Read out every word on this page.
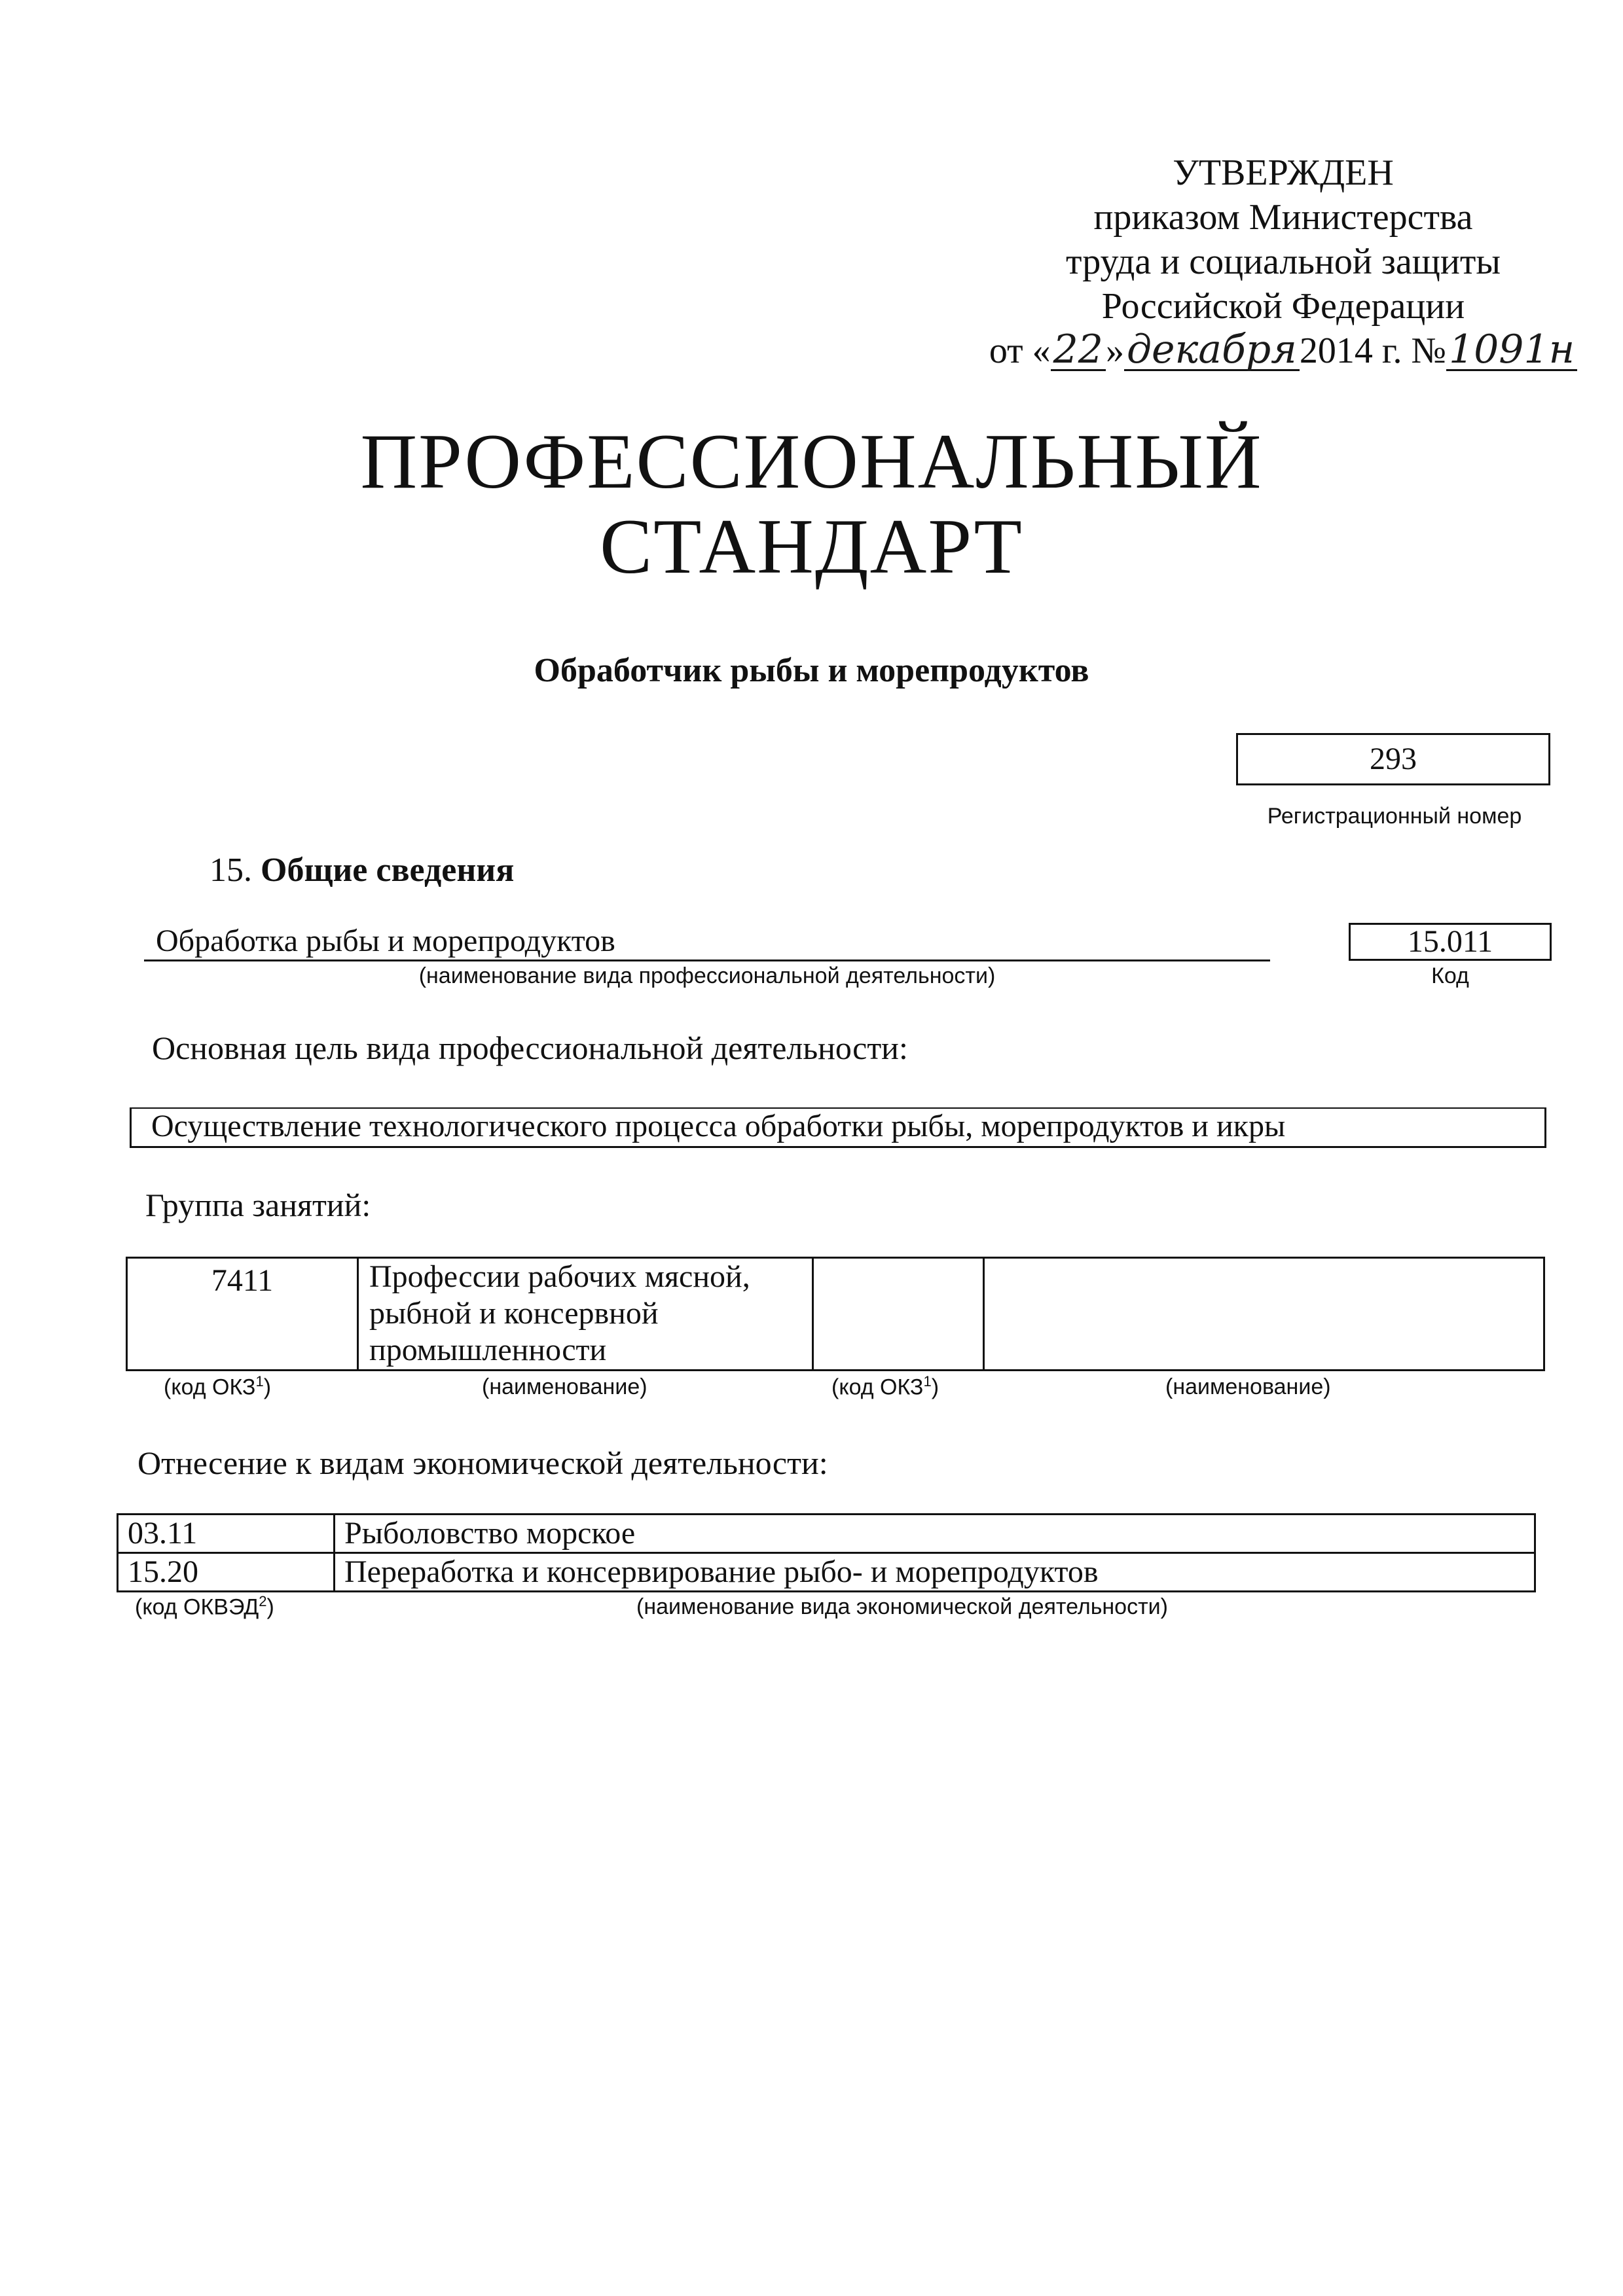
УТВЕРЖДЕН
приказом Министерства
труда и социальной защиты
Российской Федерации
от « 22 » декабря 2014 г. № 1091н
ПРОФЕССИОНАЛЬНЫЙ
СТАНДАРТ
Обработчик рыбы и морепродуктов
293
Регистрационный номер
15. Общие сведения
Обработка рыбы и морепродуктов
(наименование вида профессиональной деятельности)
15.011
Код
Основная цель вида профессиональной деятельности:
Осуществление технологического процесса обработки рыбы, морепродуктов и икры
Группа занятий:
7411	Профессии рабочих мясной, рыбной и консервной промышленности		
(код ОКЗ$^1$)	(наименование)	(код ОКЗ$^1$)	(наименование)
Отнесение к видам экономической деятельности:
03.11	Рыболовство морское
15.20	Переработка и консервирование рыбо- и морепродуктов
(код ОКВЭД$^2$)	(наименование вида экономической деятельности)
